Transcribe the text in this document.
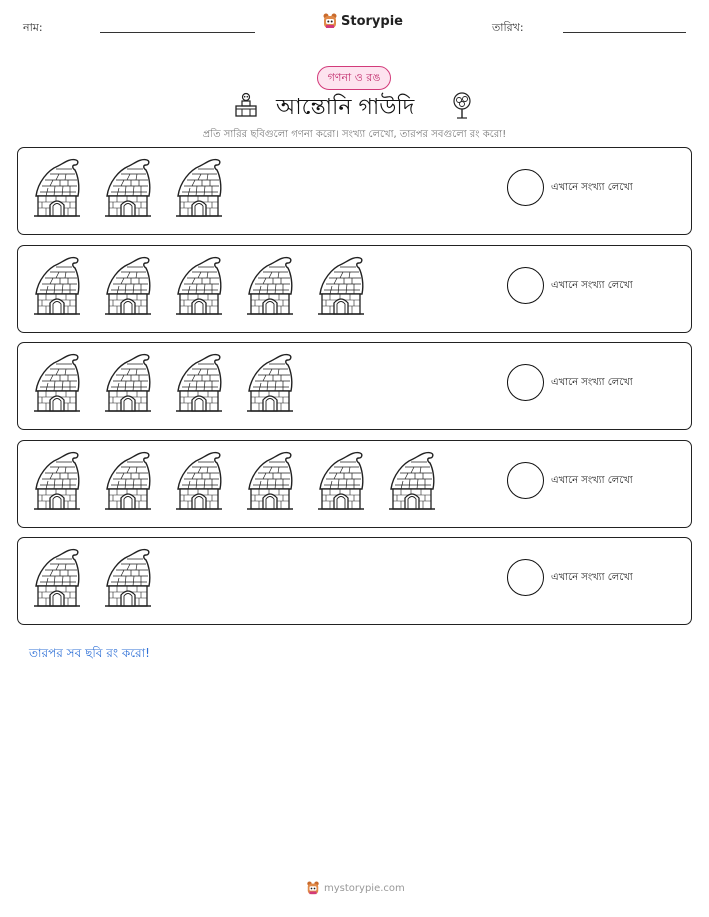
নাম:	Storypie	তারিখ:
গণনা ও রঙ
আন্তোনি গাউদি
প্রতি সারির ছবিগুলো গণনা করো। সংখ্যা লেখো, তারপর সবগুলো রং করো!
এখানে সংখ্যা লেখো
এখানে সংখ্যা লেখো
এখানে সংখ্যা লেখো
এখানে সংখ্যা লেখো
এখানে সংখ্যা লেখো
তারপর সব ছবি রং করো!
mystorypie.com
